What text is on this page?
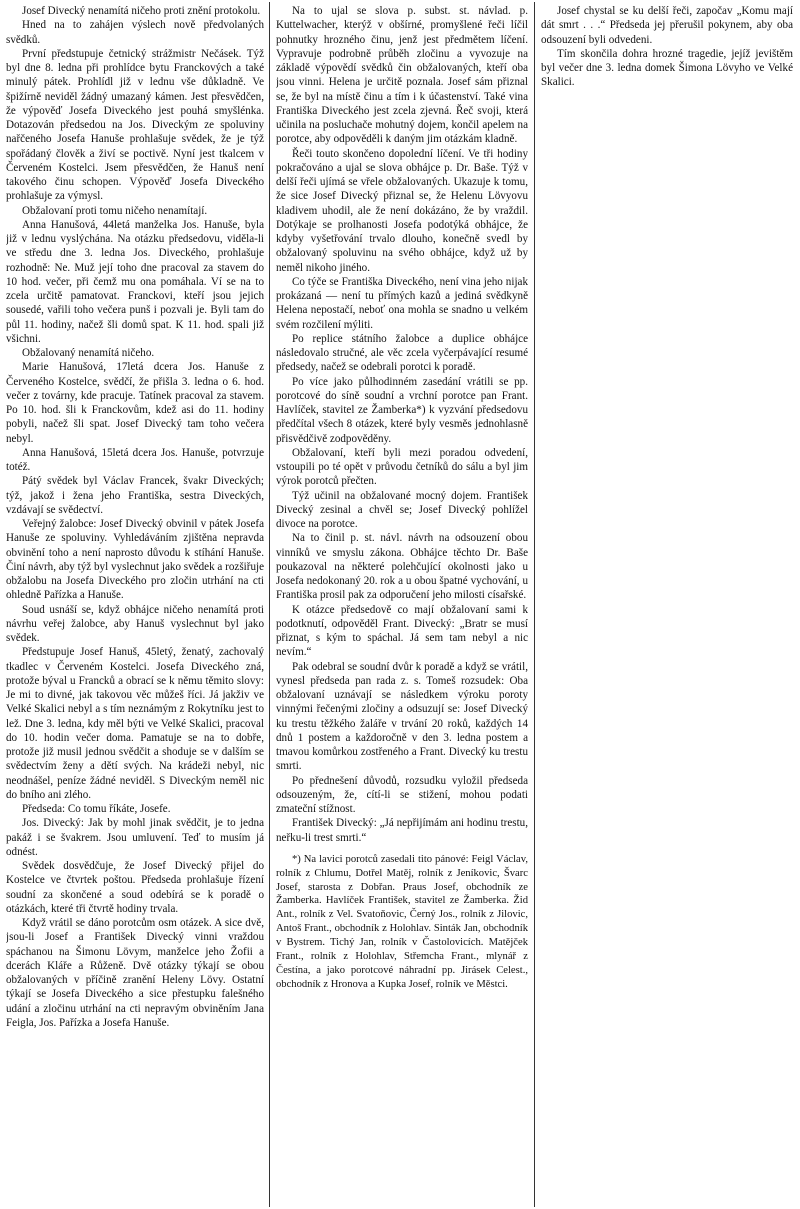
Josef Divecký nenamítá ničeho proti znění protokolu.

Hned na to zahájen výslech nově předvolaných svědků.

První předstupuje četnický strážmistr Nečásek. Týž byl dne 8. ledna při prohlídce bytu Franckových a také minulý pátek. Prohlídl již v lednu vše důkladně. Ve špižírně neviděl žádný umazaný kámen. Jest přesvědčen, že výpověď Josefa Diveckého jest pouhá smyšlénka. Dotazován předsedou na Jos. Diveckým ze spoluviny nařčeného Josefa Hanuše prohlašuje svědek, že je týž spořádaný člověk a živí se poctivě. Nyní jest tkalcem v Červeném Kostelci. Jsem přesvědčen, že Hanuš není takového činu schopen. Výpověď Josefa Diveckého prohlašuje za výmysl.

Obžalovaní proti tomu ničeho nenamítají.

Anna Hanušová, 44letá manželka Jos. Hanuše, byla již v lednu vyslýchána. Na otázku předsedovu, viděla-li ve středu dne 3. ledna Jos. Diveckého, prohlašuje rozhodně: Ne. Muž její toho dne pracoval za stavem do 10 hod. večer, při čemž mu ona pomáhala. Ví se na to zcela určitě pamatovat. Franckovi, kteří jsou jejich sousedé, vařili toho večera punš i pozvali je. Byli tam do půl 11. hodiny, načež šli domů spat. K 11. hod. spali již všichni.

Obžalovaný nenamítá ničeho.

Marie Hanušová, 17letá dcera Jos. Hanuše z Červeného Kostelce, svědčí, že přišla 3. ledna o 6. hod. večer z továrny, kde pracuje. Tatínek pracoval za stavem. Po 10. hod. šli k Franckovům, kdež asi do 11. hodiny pobyli, načež šli spat. Josef Divecký tam toho večera nebyl.

Anna Hanušová, 15letá dcera Jos. Hanuše, potvrzuje totéž.

Pátý svědek byl Václav Francek, švakr Diveckých; týž, jakož i žena jeho Františka, sestra Diveckých, vzdávají se svědectví.

Veřejný žalobce: Josef Divecký obvinil v pátek Josefa Hanuše ze spoluviny. Vyhledáváním zjištěna nepravda obvinění toho a není naprosto důvodu k stíhání Hanuše. Činí návrh, aby týž byl vyslechnut jako svědek a rozšiřuje obžalobu na Josefa Diveckého pro zločin utrhání na cti ohledně Pařízka a Hanuše.

Soud usnáší se, když obhájce ničeho nenamítá proti návrhu veřej žalobce, aby Hanuš vyslechnut byl jako svědek.

Předstupuje Josef Hanuš, 45letý, ženatý, zachovalý tkadlec v Červeném Kostelci. Josefa Diveckého zná, protože býval u Francků a obrací se k němu těmito slovy: Je mi to divné, jak takovou věc můžeš říci. Já jakživ ve Velké Skalici nebyl a s tím neznámým z Rokytníku jest to lež. Dne 3. ledna, kdy měl býti ve Velké Skalici, pracoval do 10. hodin večer doma. Pamatuje se na to dobře, protože již musil jednou svědčit a shoduje se v dalším se svědectvím ženy a dětí svých. Na krádeži nebyl, nic neodnášel, peníze žádné neviděl. S Diveckým neměl nic do bního ani zlého.

Předseda: Co tomu říkáte, Josefe.

Jos. Divecký: Jak by mohl jinak svědčit, je to jedna pakáž i se švakrem. Jsou umluvení. Teď to musím já odnést.

Svědek dosvědčuje, že Josef Divecký přijel do Kostelce ve čtvrtek poštou. Předseda prohlašuje řízení soudní za skončené a soud odebírá se k poradě o otázkách, které tři čtvrtě hodiny trvala.

Když vrátil se dáno porotcům osm otázek. A sice dvě, jsou-li Josef a František Divecký vinni vraždou spáchanou na Šimonu Lövym, manželce jeho Žofii a dcerách Kláře a Růženě. Dvě otázky týkají se obou obžalovaných v příčině zranění Heleny Lövy. Ostatní týkají se Josefa Diveckého a sice přestupku falešného udání a zločinu utrhání na cti nepravým obviněním Jana Feigla, Jos. Pařízka a Josefa Hanuše.

Na to ujal se slova p. subst. st. návlad. p. Kuttelwacher, kterýž v obšírné, promyšlené řeči líčil pohnutky hrozného činu, jenž jest předmětem líčení. Vypravuje podrobně průběh zločinu a vyvozuje na základě výpovědí svědků čin obžalovaných, kteří oba jsou vinni. Helena je určitě poznala. Josef sám přiznal se, že byl na místě činu a tím i k účastenství. Také vina Františka Diveckého jest zcela zjevná. Řeč svoji, která učinila na posluchače mohutný dojem, končil apelem na porotce, aby odpověděli k daným jim otázkám kladně.

Řeči touto skončeno dopolední líčení. Ve tři hodiny pokračováno a ujal se slova obhájce p. Dr. Baše. Týž v delší řeči ujímá se vřele obžalovaných. Ukazuje k tomu, že sice Josef Divecký přiznal se, že Helenu Lövyovu kladivem uhodil, ale že není dokázáno, že by vraždil. Dotýkaje se prolhanosti Josefa podotýká obhájce, že kdyby vyšetřování trvalo dlouho, konečně svedl by obžalovaný spoluvinu na svého obhájce, když už by neměl nikoho jiného.

Co týče se Františka Diveckého, není vina jeho nijak prokázaná — není tu přímých kazů a jediná svědkyně Helena nepostačí, neboť ona mohla se snadno u velkém svém rozčilení mýliti.

Po replice státního žalobce a duplice obhájce následovalo stručné, ale věc zcela vyčerpávající resumé předsedy, načež se odebrali porotci k poradě.

Po více jako půlhodinném zasedání vrátili se pp. porotcové do síně soudní a vrchní porotce pan Frant. Havlíček, stavitel ze Žamberka*) k vyzvání předsedovu předčítal všech 8 otázek, které byly vesměs jednohlasně přisvědčivě zodpověděny.

Obžalovaní, kteří byli mezi poradou odvedení, vstoupili po té opět v průvodu četníků do sálu a byl jim výrok porotců přečten.

Týž učinil na obžalované mocný dojem. František Divecký zesinal a chvěl se; Josef Divecký pohlížel divoce na porotce.

Na to činil p. st. návl. návrh na odsouzení obou vinníků ve smyslu zákona. Obhájce těchto Dr. Baše poukazoval na některé polehčující okolnosti jako u Josefa nedokonaný 20. rok a u obou špatné vychování, u Františka prosil pak za odporučení jeho milosti císařské.

K otázce předsedově co mají obžalovaní sami k podotknutí, odpověděl Frant. Divecký: „Bratr se musí přiznat, s kým to spáchal. Já sem tam nebyl a nic nevím.“

Pak odebral se soudní dvůr k poradě a když se vrátil, vynesl předseda pan rada z. s. Tomeš rozsudek: Oba obžalovaní uznávají se následkem výroku poroty vinnými řečenými zločiny a odsuzují se: Josef Divecký ku trestu těžkého žaláře v trvání 20 roků, každých 14 dnů 1 postem a každoročně v den 3. ledna postem a tmavou komůrkou zostřeného a Frant. Divecký ku trestu smrti.

Po přednešení důvodů, rozsudku vyložil předseda odsouzeným, že, cítí-li se stižení, mohou podati zmateční stížnost.

František Divecký: „Já nepřijímám ani hodinu trestu, neřku-li trest smrti.“

*) Na lavici porotců zasedali tito pánové: Feigl Václav, rolník z Chlumu, Dotřel Matěj, rolník z Jeníkovic, Švarc Josef, starosta z Dobřan. Praus Josef, obchodník ze Žamberka. Havlíček František, stavitel ze Žamberka. Žid Ant., rolník z Vel. Svatoňovic, Černý Jos., rolník z Jilovic, Antoš Frant., obchodník z Holohlav. Sinták Jan, obchodník v Bystrem. Tichý Jan, rolník v Častolovicích. Matějček Frant., rolník z Holohlav, Střemcha Frant., mlynář z Čestína, a jako porotcové náhradní pp. Jirásek Celest., obchodník z Hronova a Kupka Josef, rolník ve Městci.

Josef chystal se ku delší řeči, započav „Komu mají dát smrt . . .“ Předseda jej přerušil pokynem, aby oba odsouzení byli odvedeni.

Tím skončila dohra hrozné tragedie, jejíž jevištěm byl večer dne 3. ledna domek Šimona Lövyho ve Velké Skalici.
